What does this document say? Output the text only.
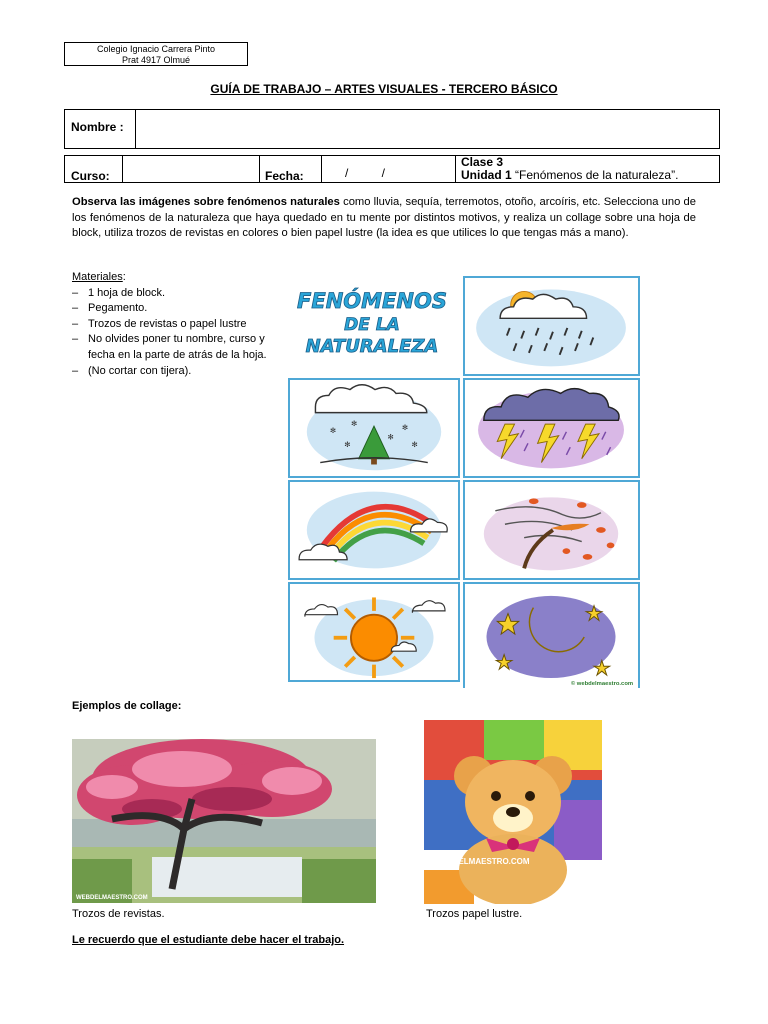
Colegio Ignacio Carrera Pinto
Prat 4917 Olmué
GUÍA DE TRABAJO – ARTES VISUALES - TERCERO BÁSICO
Nombre :
Curso:	Fecha:	/          /
Clase 3
Unidad 1 “Fenómenos de la naturaleza”.
Observa las imágenes sobre fenómenos naturales como lluvia, sequía, terremotos, otoño, arcoíris, etc. Selecciona uno de los fenómenos de la naturaleza que haya quedado en tu mente por distintos motivos, y realiza un collage sobre una hoja de block, utiliza trozos de revistas en colores o bien papel lustre (la idea es que utilices lo que tengas más a mano).
Materiales:
– 1 hoja de block.
– Pegamento.
– Trozos de revistas o papel lustre
– No olvides poner tu nombre, curso y fecha en la parte de atrás de la hoja.
– (No cortar con tijera).
FENÓMENOS
DE LA
NATURALEZA
✻
✻
✻
✻
✻
✻
© webdelmaestro.com
Ejemplos de collage:
WEBDELMAESTRO.COM
Trozos de revistas.
WEBDELMAESTRO.COM
Trozos papel lustre.
Le recuerdo que el estudiante debe hacer el trabajo.
